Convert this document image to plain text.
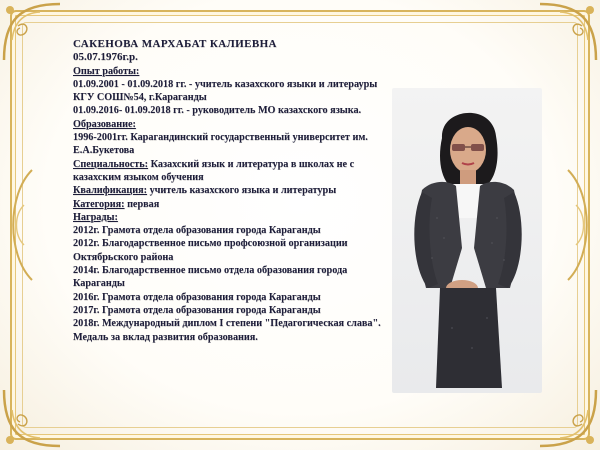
САКЕНОВА МАРХАБАТ КАЛИЕВНА
05.07.1976г.р.
Опыт работы:
01.09.2001 - 01.09.2018 гг. - учитель казахского языки и литерауры КГУ СОШ№54, г.Караганды
01.09.2016- 01.09.2018 гг. - руководитель МО казахского языка.
Образование:
1996-2001гг. Карагандинский государственный университет им. Е.А.Букетова
Специальность: Казахский язык и литература в школах не с казахским языком обучения
Квалификация: учитель казахского языка и литературы
Категория: первая
Награды:
2012г. Грамота отдела образования города Караганды
2012г. Благодарственное письмо профсоюзной организации Октябрьского района
2014г. Благодарственное письмо отдела образования города Караганды
2016г. Грамота отдела образования города Караганды
2017г. Грамота отдела образования города Караганды
2018г. Международный диплом I степени "Педагогическая слава". Медаль за вклад развития образования.
